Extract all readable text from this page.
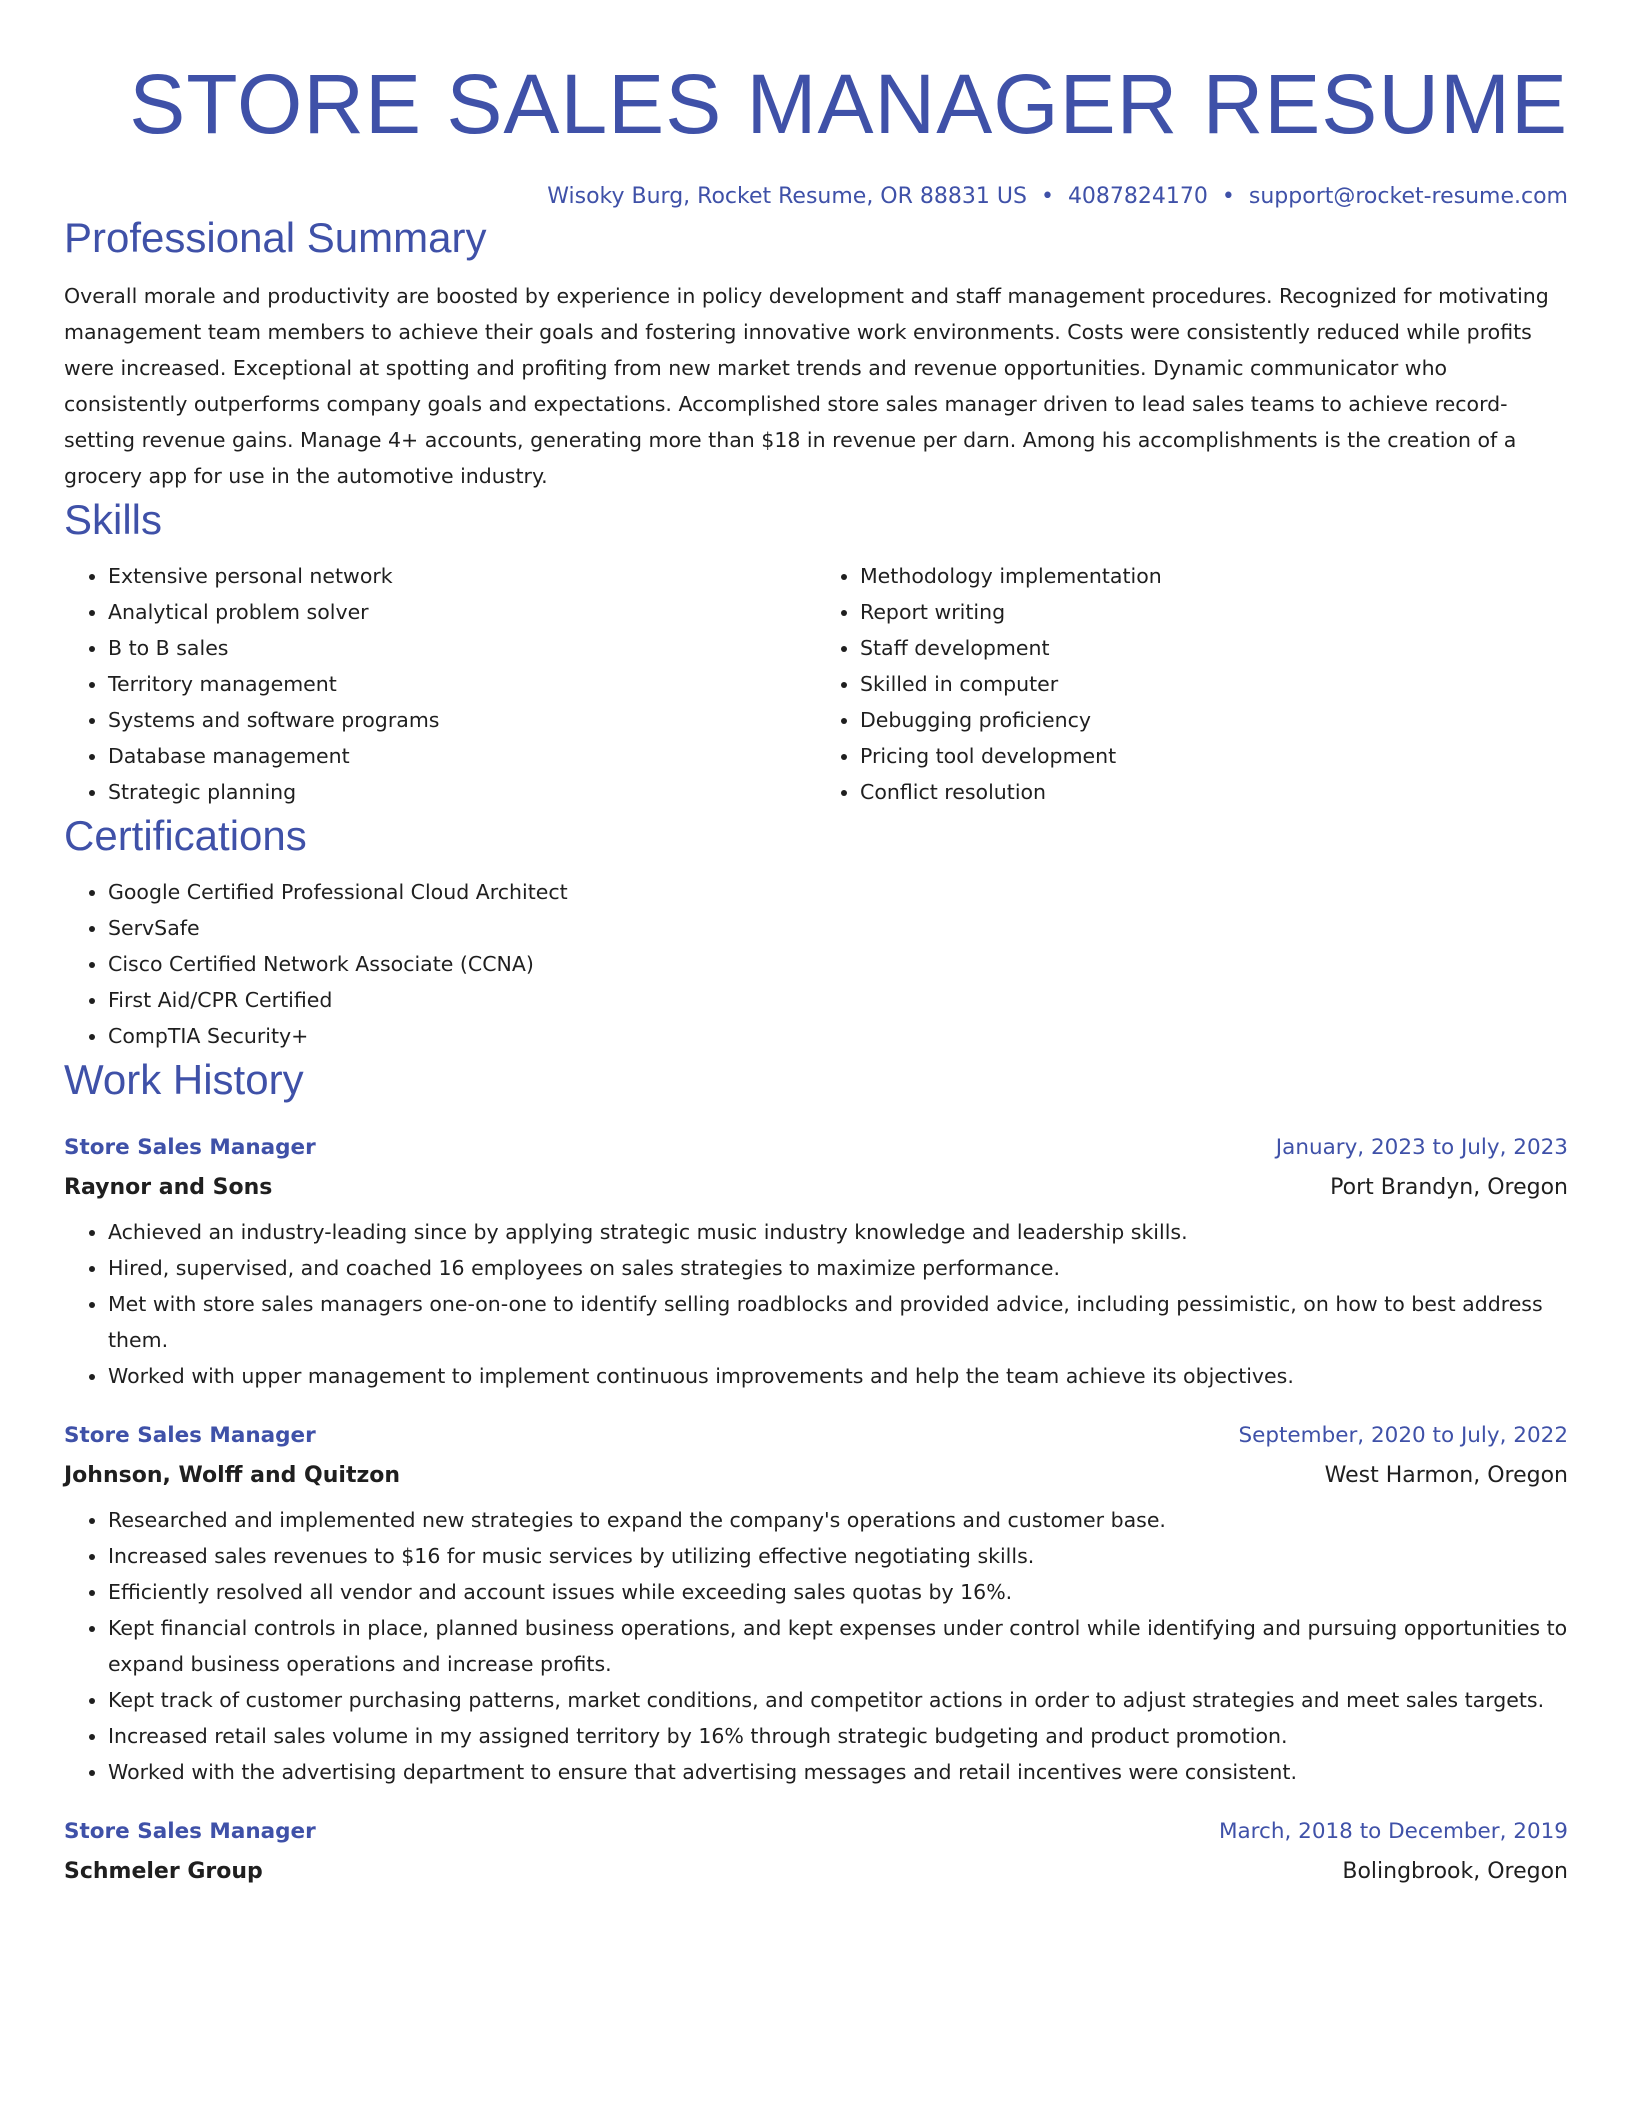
STORE SALES MANAGER RESUME
Wisoky Burg, Rocket Resume, OR 88831 US • 4087824170 • support@rocket-resume.com
Professional Summary

Overall morale and productivity are boosted by experience in policy development and staff management procedures. Recognized for motivating management team members to achieve their goals and fostering innovative work environments. Costs were consistently reduced while profits were increased. Exceptional at spotting and profiting from new market trends and revenue opportunities. Dynamic communicator who consistently outperforms company goals and expectations. Accomplished store sales manager driven to lead sales teams to achieve record-setting revenue gains. Manage 4+ accounts, generating more than $18 in revenue per darn. Among his accomplishments is the creation of a grocery app for use in the automotive industry.

Skills
• Extensive personal network
• Analytical problem solver
• B to B sales
• Territory management
• Systems and software programs
• Database management
• Strategic planning
• Methodology implementation
• Report writing
• Staff development
• Skilled in computer
• Debugging proficiency
• Pricing tool development
• Conflict resolution
Certifications
• Google Certified Professional Cloud Architect
• ServSafe
• Cisco Certified Network Associate (CCNA)
• First Aid/CPR Certified
• CompTIA Security+
Work History
Store Sales Manager	January, 2023 to July, 2023
Raynor and Sons	Port Brandyn, Oregon
• Achieved an industry-leading since by applying strategic music industry knowledge and leadership skills.
• Hired, supervised, and coached 16 employees on sales strategies to maximize performance.
• Met with store sales managers one-on-one to identify selling roadblocks and provided advice, including pessimistic, on how to best address them.
• Worked with upper management to implement continuous improvements and help the team achieve its objectives.
Store Sales Manager	September, 2020 to July, 2022
Johnson, Wolff and Quitzon	West Harmon, Oregon
• Researched and implemented new strategies to expand the company's operations and customer base.
• Increased sales revenues to $16 for music services by utilizing effective negotiating skills.
• Efficiently resolved all vendor and account issues while exceeding sales quotas by 16%.
• Kept financial controls in place, planned business operations, and kept expenses under control while identifying and pursuing opportunities to expand business operations and increase profits.
• Kept track of customer purchasing patterns, market conditions, and competitor actions in order to adjust strategies and meet sales targets.
• Increased retail sales volume in my assigned territory by 16% through strategic budgeting and product promotion.
• Worked with the advertising department to ensure that advertising messages and retail incentives were consistent.
Store Sales Manager	March, 2018 to December, 2019
Schmeler Group	Bolingbrook, Oregon
